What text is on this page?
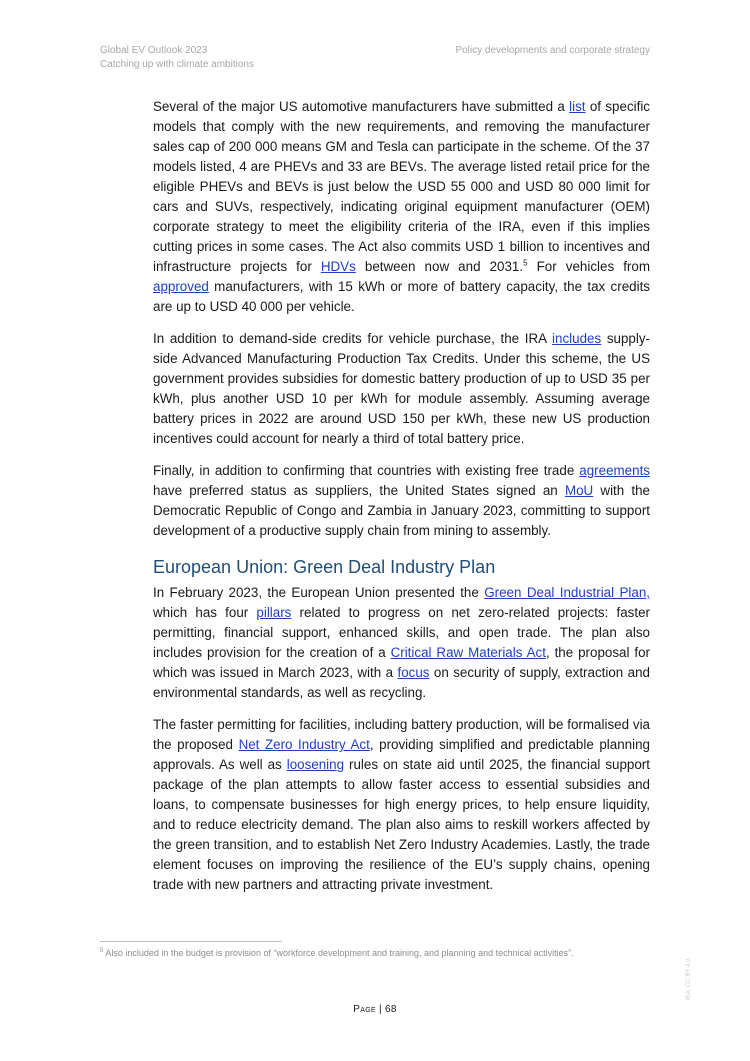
Global EV Outlook 2023
Catching up with climate ambitions
Policy developments and corporate strategy

Several of the major US automotive manufacturers have submitted a list of specific models that comply with the new requirements, and removing the manufacturer sales cap of 200 000 means GM and Tesla can participate in the scheme. Of the 37 models listed, 4 are PHEVs and 33 are BEVs. The average listed retail price for the eligible PHEVs and BEVs is just below the USD 55 000 and USD 80 000 limit for cars and SUVs, respectively, indicating original equipment manufacturer (OEM) corporate strategy to meet the eligibility criteria of the IRA, even if this implies cutting prices in some cases. The Act also commits USD 1 billion to incentives and infrastructure projects for HDVs between now and 2031.$^5$ For vehicles from approved manufacturers, with 15 kWh or more of battery capacity, the tax credits are up to USD 40 000 per vehicle.

In addition to demand-side credits for vehicle purchase, the IRA includes supply-side Advanced Manufacturing Production Tax Credits. Under this scheme, the US government provides subsidies for domestic battery production of up to USD 35 per kWh, plus another USD 10 per kWh for module assembly. Assuming average battery prices in 2022 are around USD 150 per kWh, these new US production incentives could account for nearly a third of total battery price.

Finally, in addition to confirming that countries with existing free trade agreements have preferred status as suppliers, the United States signed an MoU with the Democratic Republic of Congo and Zambia in January 2023, committing to support development of a productive supply chain from mining to assembly.

European Union: Green Deal Industry Plan

In February 2023, the European Union presented the Green Deal Industrial Plan, which has four pillars related to progress on net zero-related projects: faster permitting, financial support, enhanced skills, and open trade. The plan also includes provision for the creation of a Critical Raw Materials Act, the proposal for which was issued in March 2023, with a focus on security of supply, extraction and environmental standards, as well as recycling.

The faster permitting for facilities, including battery production, will be formalised via the proposed Net Zero Industry Act, providing simplified and predictable planning approvals. As well as loosening rules on state aid until 2025, the financial support package of the plan attempts to allow faster access to essential subsidies and loans, to compensate businesses for high energy prices, to help ensure liquidity, and to reduce electricity demand. The plan also aims to reskill workers affected by the green transition, and to establish Net Zero Industry Academies. Lastly, the trade element focuses on improving the resilience of the EU’s supply chains, opening trade with new partners and attracting private investment.

$^5$ Also included in the budget is provision of “workforce development and training, and planning and technical activities”.
Page | 68
IEA. CC BY 4.0.
